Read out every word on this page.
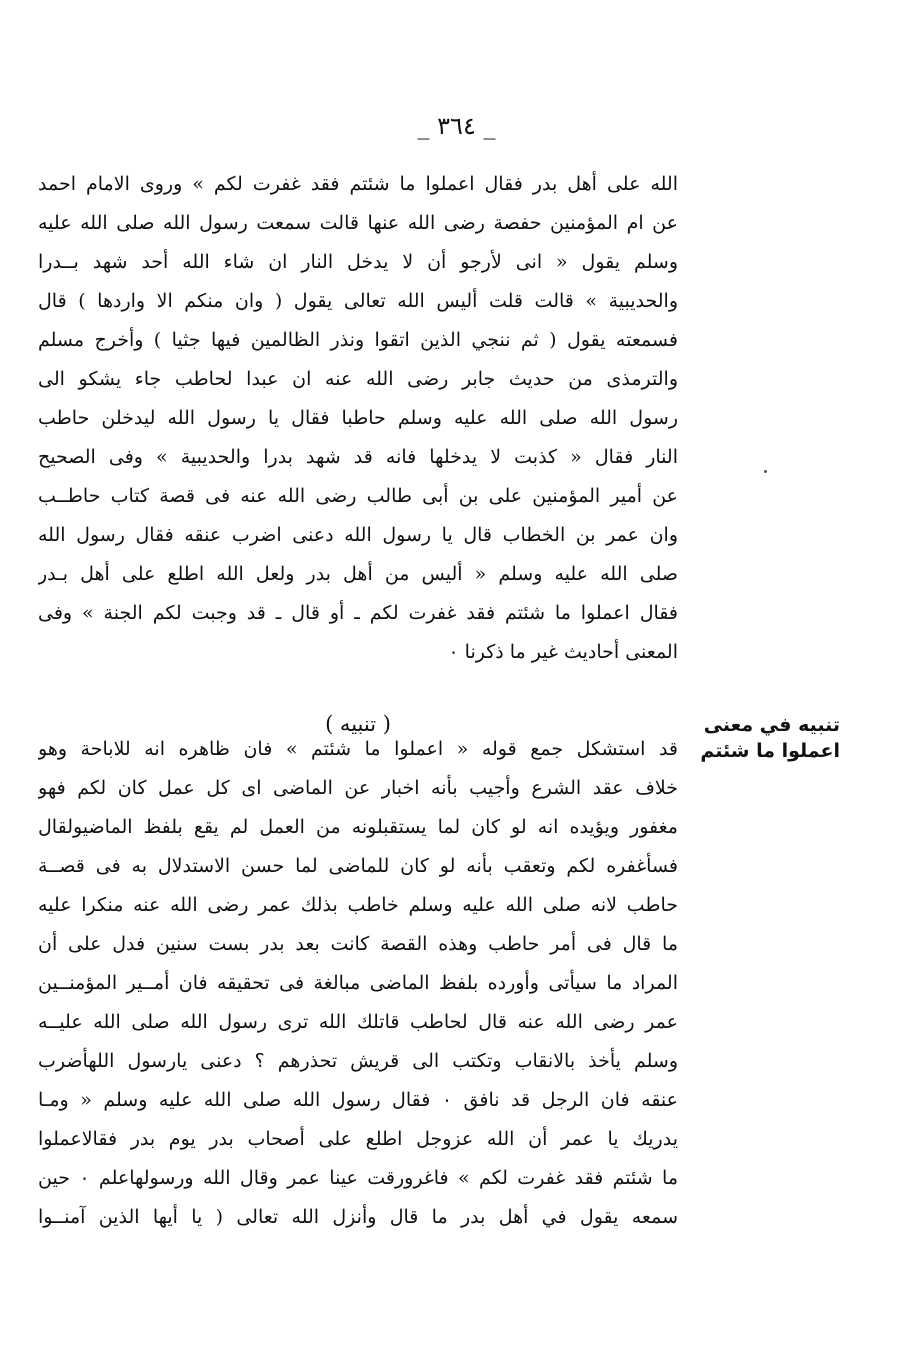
_ ٣٦٤ _
الله على أهل بدر فقال اعملوا ما شئتم فقد غفرت لكم » وروى الامام احمد
عن ام المؤمنين حفصة رضى الله عنها قالت سمعت رسول الله صلى الله عليه
وسلم يقول « انى لأرجو أن لا يدخل النار ان شاء الله أحد شهد بــدرا
والحديبية » قالت قلت أليس الله تعالى يقول ( وان منكم الا واردها ) قال
فسمعته يقول ( ثم ننجي الذين اتقوا ونذر الظالمين فيها جثيا ) وأخرج مسلم
والترمذى من حديث جابر رضى الله عنه ان عبدا لحاطب جاء يشكو الى
رسول الله صلى الله عليه وسلم حاطبا فقال يا رسول الله ليدخلن حاطب
النار فقال « كذبت لا يدخلها فانه قد شهد بدرا والحديبية » وفى الصحيح
عن أمير المؤمنين على بن أبى طالب رضى الله عنه فى قصة كتاب حاطــب
وان عمر بن الخطاب قال يا رسول الله دعنى اضرب عنقه فقال رسول الله
صلى الله عليه وسلم « أليس من أهل بدر ولعل الله اطلع على أهل بـدر
فقال اعملوا ما شئتم فقد غفرت لكم ـ أو قال ـ قد وجبت لكم الجنة » وفى
المعنى أحاديث غير ما ذكرنا ٠
( تنبيه )	تنبيه في معنى
اعملوا ما شئتم
قد استشكل جمع قوله « اعملوا ما شئتم » فان ظاهره انه للاباحة وهو
خلاف عقد الشرع وأجيب بأنه اخبار عن الماضى اى كل عمل كان لكم فهو
مغفور ويؤيده انه لو كان لما يستقبلونه من العمل لم يقع بلفظ الماضيولقال
فسأغفره لكم وتعقب بأنه لو كان للماضى لما حسن الاستدلال به فى قصــة
حاطب لانه صلى الله عليه وسلم خاطب بذلك عمر رضى الله عنه منكرا عليه
ما قال فى أمر حاطب وهذه القصة كانت بعد بدر بست سنين فدل على أن
المراد ما سيأتى وأورده بلفظ الماضى مبالغة فى تحقيقه فان أمــير المؤمنــين
عمر رضى الله عنه قال لحاطب قاتلك الله ترى رسول الله صلى الله عليــه
وسلم يأخذ بالانقاب وتكتب الى قريش تحذرهم ؟ دعنى يارسول اللهأضرب
عنقه فان الرجل قد نافق ٠ فقال رسول الله صلى الله عليه وسلم « ومـا
يدريك يا عمر أن الله عزوجل اطلع على أصحاب بدر يوم بدر فقالاعملوا
ما شئتم فقد غفرت لكم » فاغرورقت عينا عمر وقال الله ورسولهاعلم ٠ حين
سمعه يقول في أهل بدر ما قال وأنزل الله تعالى ( يا أيها الذين آمنــوا
